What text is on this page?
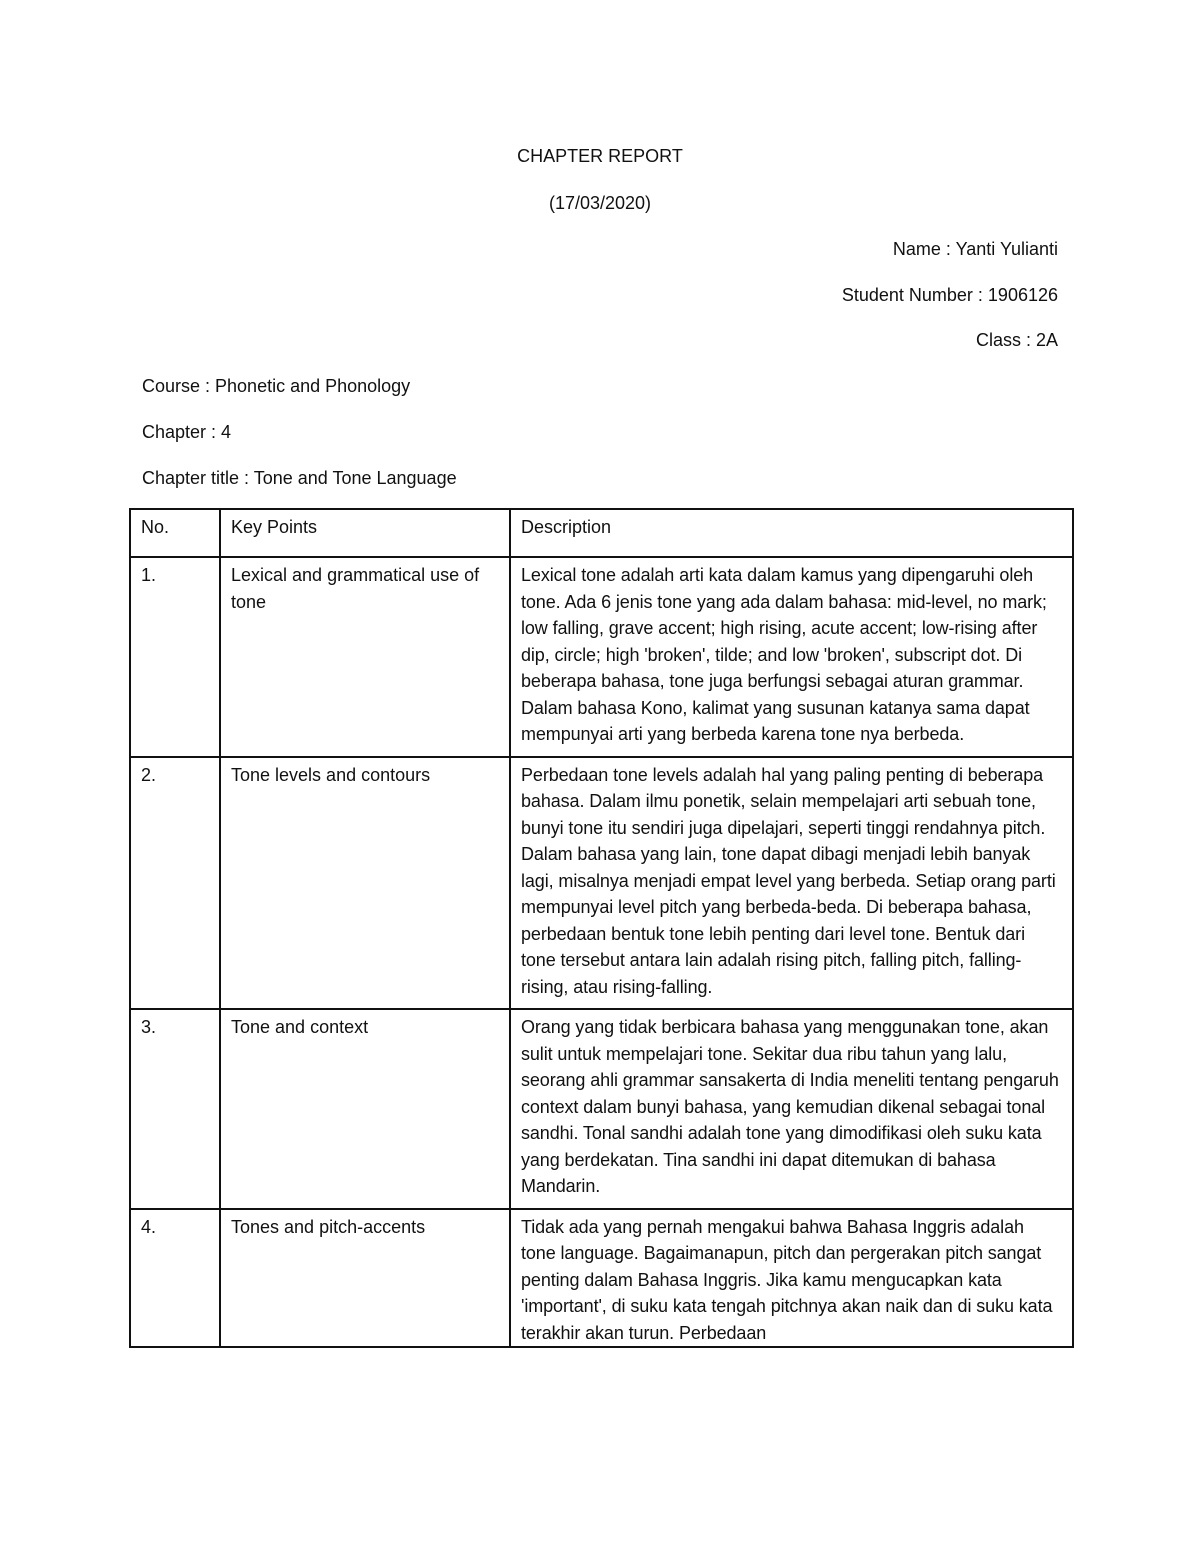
CHAPTER REPORT
(17/03/2020)
Name : Yanti Yulianti
Student Number : 1906126
Class : 2A
Course : Phonetic and Phonology
Chapter : 4
Chapter title : Tone and Tone Language
No.	Key Points	Description
1.	Lexical and grammatical use of tone	Lexical tone adalah arti kata dalam kamus yang dipengaruhi oleh tone. Ada 6 jenis tone yang ada dalam bahasa: mid-level, no mark; low falling, grave accent; high rising, acute accent; low-rising after dip, circle; high 'broken', tilde; and low 'broken', subscript dot. Di beberapa bahasa, tone juga berfungsi sebagai aturan grammar. Dalam bahasa Kono, kalimat yang susunan katanya sama dapat mempunyai arti yang berbeda karena tone nya berbeda.
2.	Tone levels and contours	Perbedaan tone levels adalah hal yang paling penting di beberapa bahasa. Dalam ilmu ponetik, selain mempelajari arti sebuah tone, bunyi tone itu sendiri juga dipelajari, seperti tinggi rendahnya pitch. Dalam bahasa yang lain, tone dapat dibagi menjadi lebih banyak lagi, misalnya menjadi empat level yang berbeda. Setiap orang parti mempunyai level pitch yang berbeda-beda. Di beberapa bahasa, perbedaan bentuk tone lebih penting dari level tone. Bentuk dari tone tersebut antara lain adalah rising pitch, falling pitch, falling-rising, atau rising-falling.
3.	Tone and context	Orang yang tidak berbicara bahasa yang menggunakan tone, akan sulit untuk mempelajari tone. Sekitar dua ribu tahun yang lalu, seorang ahli grammar sansakerta di India meneliti tentang pengaruh context dalam bunyi bahasa, yang kemudian dikenal sebagai tonal sandhi. Tonal sandhi adalah tone yang dimodifikasi oleh suku kata yang berdekatan. Tina sandhi ini dapat ditemukan di bahasa Mandarin.
4.	Tones and pitch-accents	Tidak ada yang pernah mengakui bahwa Bahasa Inggris adalah tone language. Bagaimanapun, pitch dan pergerakan pitch sangat penting dalam Bahasa Inggris. Jika kamu mengucapkan kata 'important', di suku kata tengah pitchnya akan naik dan di suku kata terakhir akan turun. Perbedaan
